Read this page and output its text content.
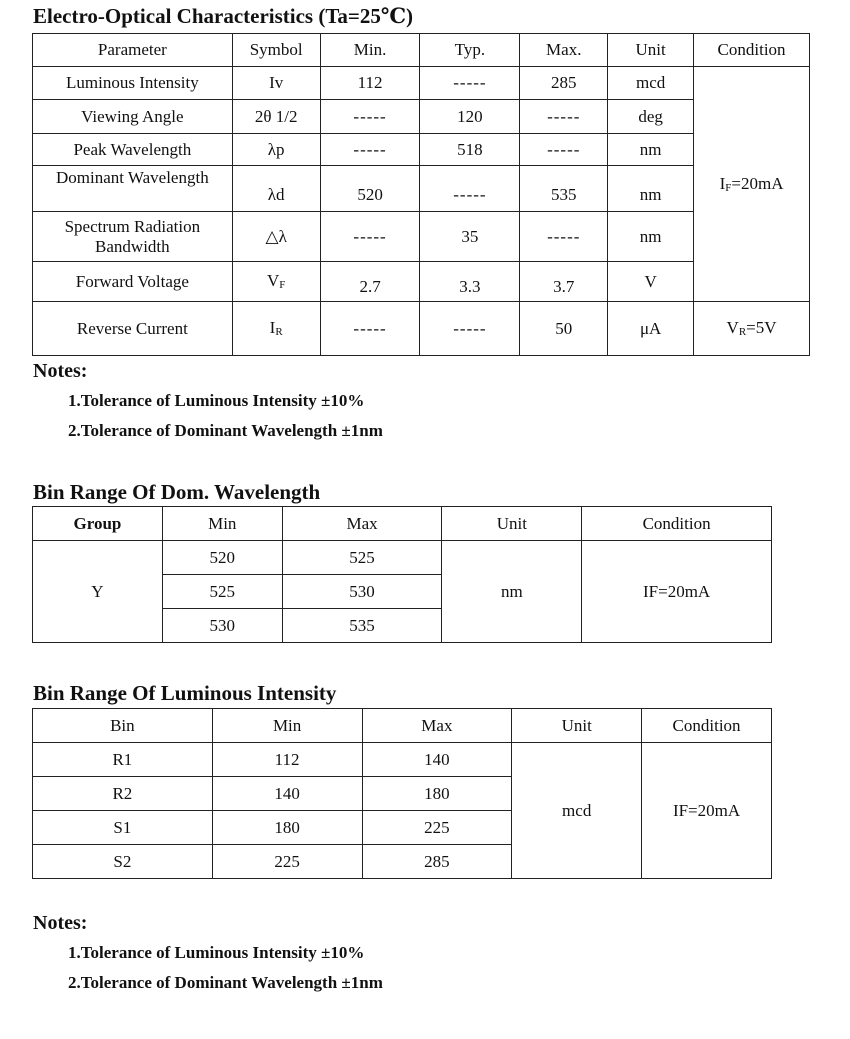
Electro-Optical Characteristics (Ta=25℃)
Parameter	Symbol	Min.	Typ.	Max.	Unit	Condition
Luminous Intensity	Iv	112	-----	285	mcd	$I_F=20mA$
Viewing Angle	2θ 1/2	-----	120	-----	deg	
Peak Wavelength	λp	-----	518	-----	nm	
Dominant Wavelength	λd	520	-----	535	nm	
Spectrum Radiation
Bandwidth	△λ	-----	35	-----	nm	
Forward Voltage	$V_F$	2.7	3.3	3.7	V	
Reverse Current	$I_R$	-----	-----	50	μA	$V_R=5V$
Notes:

1.Tolerance of Luminous Intensity ±10%

2.Tolerance of Dominant Wavelength ±1nm

Bin Range Of Dom. Wavelength
Group	Min	Max	Unit	Condition
Y	520	525	nm	IF=20mA
	525	530		
	530	535		
Bin Range Of Luminous Intensity
Bin	Min	Max	Unit	Condition
R1	112	140	mcd	IF=20mA
R2	140	180		
S1	180	225		
S2	225	285		
Notes:

1.Tolerance of Luminous Intensity ±10%

2.Tolerance of Dominant Wavelength ±1nm
